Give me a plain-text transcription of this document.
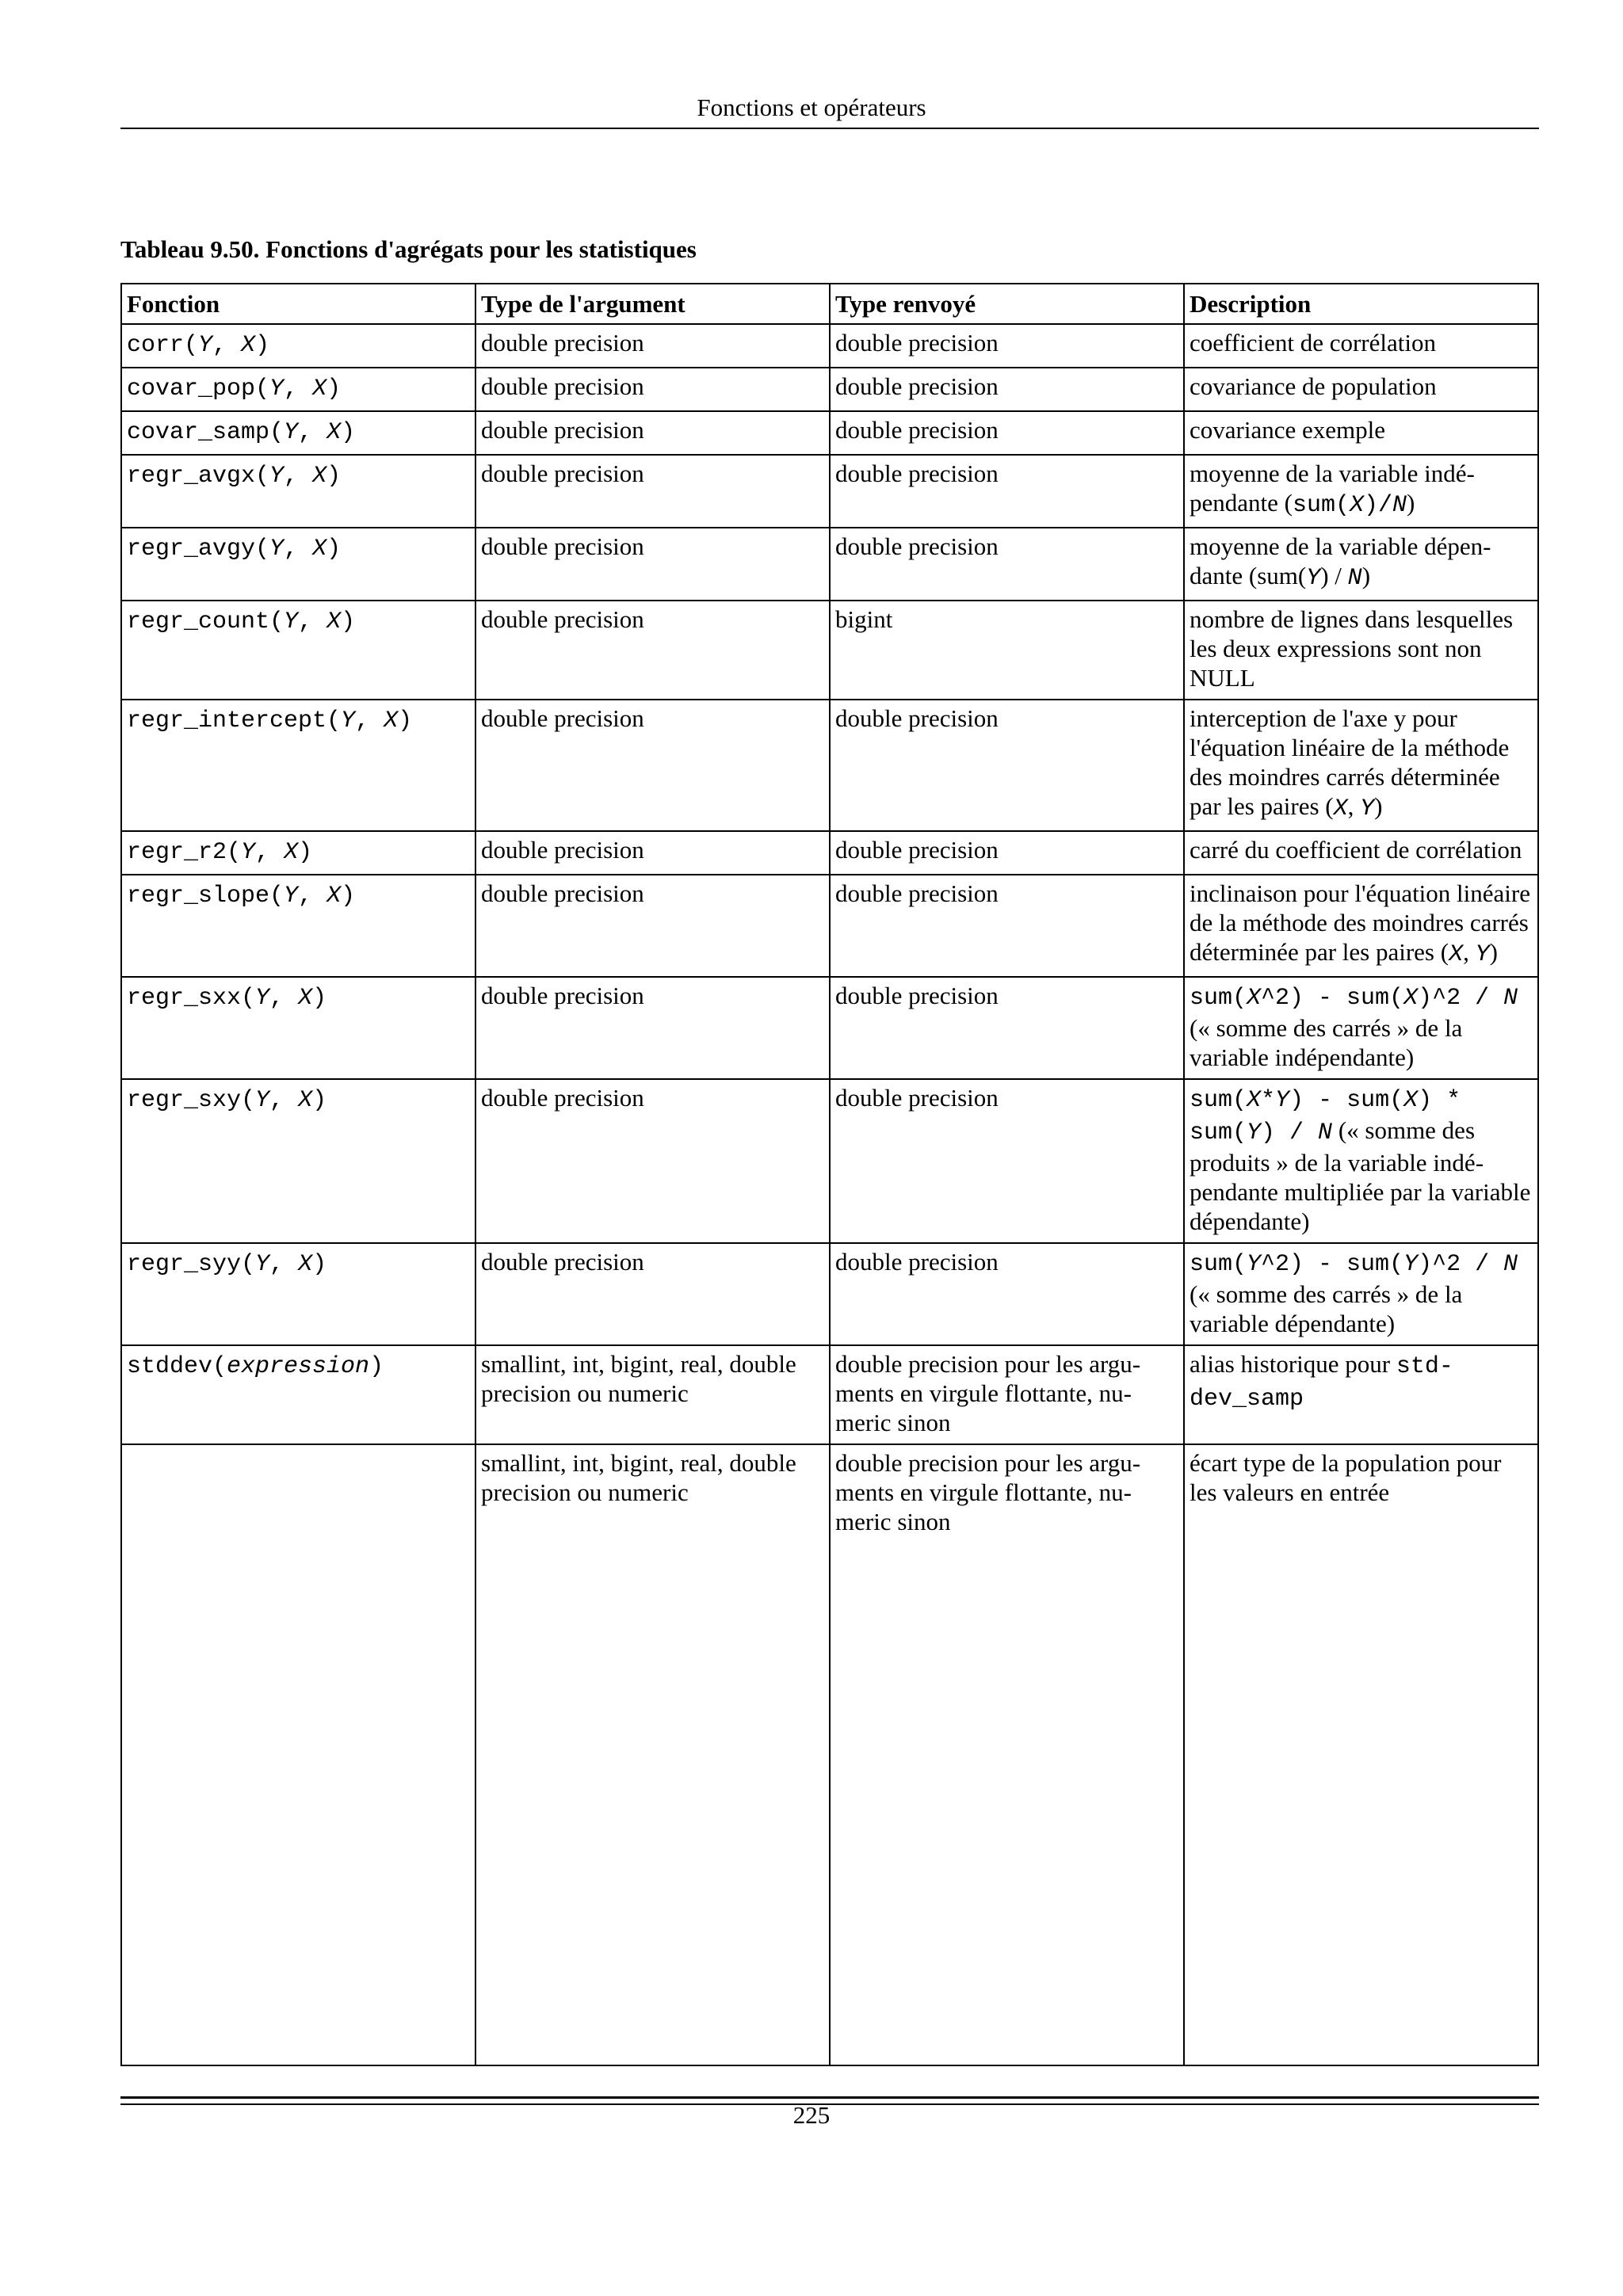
Fonctions et opérateurs
Tableau 9.50. Fonctions d'agrégats pour les statistiques
Fonction	Type de l'argument	Type renvoyé	Description
corr(Y, X)	double precision	double precision	coefficient de corrélation
covar_pop(Y, X)	double precision	double precision	covariance de population
covar_samp(Y, X)	double precision	double precision	covariance exemple
regr_avgx(Y, X)	double precision	double precision	moyenne de la variable indépendante (sum(X)/N)
regr_avgy(Y, X)	double precision	double precision	moyenne de la variable dépendante (sum(Y) / N)
regr_count(Y, X)	double precision	bigint	nombre de lignes dans lesquelles les deux expressions sont non NULL
regr_intercept(Y, X)	double precision	double precision	interception de l'axe y pour l'équation linéaire de la méthode des moindres carrés déterminée par les paires (X, Y)
regr_r2(Y, X)	double precision	double precision	carré du coefficient de corrélation
regr_slope(Y, X)	double precision	double precision	inclinaison pour l'équation linéaire de la méthode des moindres carrés déterminée par les paires (X, Y)
regr_sxx(Y, X)	double precision	double precision	sum(X^2) - sum(X)^2 / N (« somme des carrés » de la variable indépendante)
regr_sxy(Y, X)	double precision	double precision	sum(X*Y) - sum(X) * sum(Y) / N (« somme des produits » de la variable indépendante multipliée par la variable dépendante)
regr_syy(Y, X)	double precision	double precision	sum(Y^2) - sum(Y)^2 / N (« somme des carrés » de la variable dépendante)
stddev(expression)	smallint, int, bigint, real, double precision ou numeric	double precision pour les arguments en virgule flottante, numeric sinon	alias historique pour stddev_samp
	smallint, int, bigint, real, double precision ou numeric	double precision pour les arguments en virgule flottante, numeric sinon	écart type de la population pour les valeurs en entrée
225
